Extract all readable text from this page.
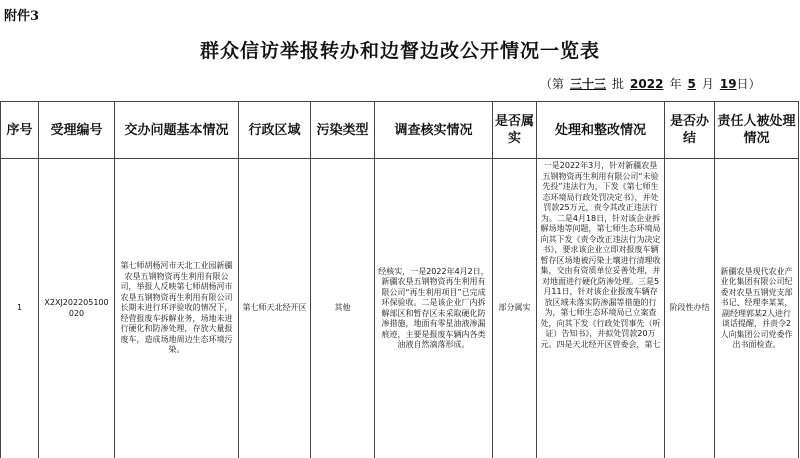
附件3
群众信访举报转办和边督边改公开情况一览表
（第 三十三 批 2022 年 5 月 19日）
序号	受理编号	交办问题基本情况	行政区域	污染类型	调查核实情况	是否属实	处理和整改情况	是否办结	责任人被处理情况
1	X2XJ202205100020	第七师胡杨河市天北工业园新疆农垦五钢物资再生利用有限公司，举报人反映第七师胡杨河市农垦五钢物资再生利用有限公司长期未进行环评验收的情况下，经营报废车拆解业务，场地未进行硬化和防渗处理，存放大量报废车，造成场地周边生态环境污染。	第七师天北经开区	其他	经核实，一是2022年4月2日，新疆农垦五钢物资再生利用有限公司“再生利用项目”已完成环保验收。二是该企业厂内拆解部区和暂存区未采取硬化防渗措施，地面有零星油液渗漏痕迹，主要是报废车辆内各类油液自然滴落形成。	部分属实	一是2022年3月，针对新疆农垦五钢物资再生利用有限公司“未验先投”违法行为，下发《第七师生态环境局行政处罚决定书》，并处罚款25万元，责令其改正违法行为。二是4月18日，针对该企业拆解场地等问题，第七师生态环境局向其下发《责令改正违法行为决定书》，要求该企业立即对报废车辆暂存区场地被污染土壤进行清理收集，交由有资质单位妥善处理，并对地面进行硬化防渗处理。三是5月11日，针对该企业报废车辆存放区域未落实防渗漏等措施的行为，第七师生态环境局已立案查处，向其下发《行政处罚事先（听证）告知书》，并拟处罚款20万元。四是天北经开区管委会，第七	阶段性办结	新疆农垦现代农业产业化集团有限公司纪委对农垦五钢党支部书记、经理李某某，副经理郭某2人进行谈话提醒，并责令2人向集团公司党委作出书面检查。
